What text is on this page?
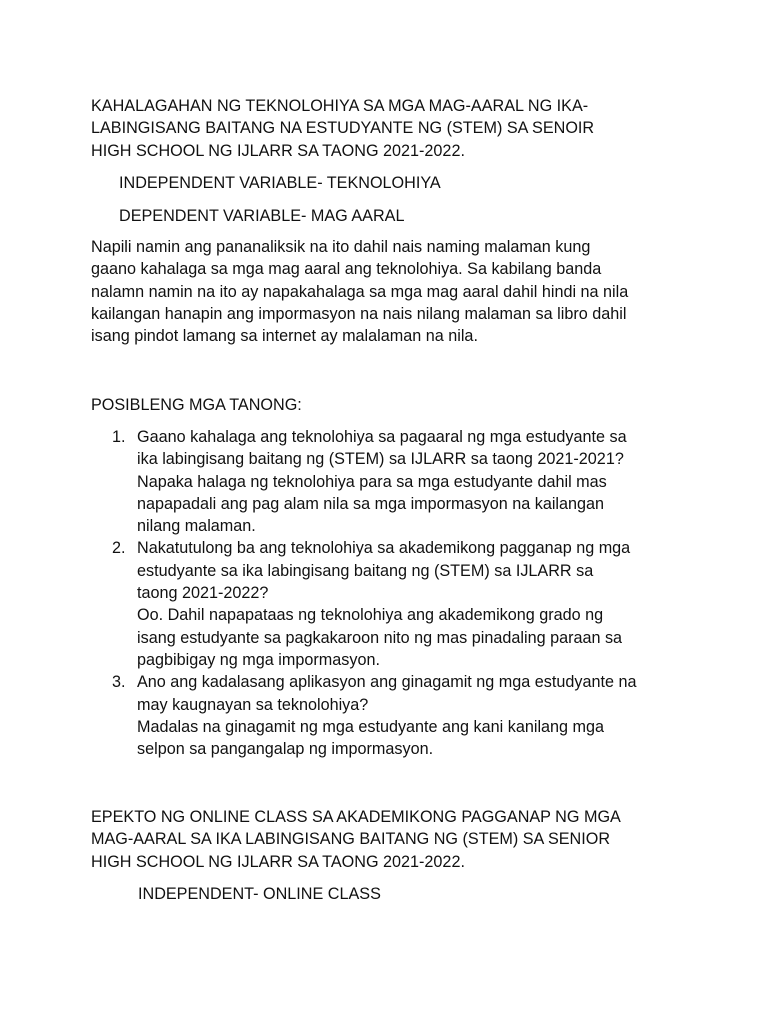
KAHALAGAHAN NG TEKNOLOHIYA SA MGA MAG-AARAL NG IKA-
LABINGISANG BAITANG NA ESTUDYANTE NG (STEM) SA SENOIR
HIGH SCHOOL NG IJLARR SA TAONG 2021-2022.

INDEPENDENT VARIABLE- TEKNOLOHIYA

DEPENDENT VARIABLE- MAG AARAL

Napili namin ang pananaliksik na ito dahil nais naming malaman kung
gaano kahalaga sa mga mag aaral ang teknolohiya. Sa kabilang banda
nalamn namin na ito ay napakahalaga sa mga mag aaral dahil hindi na nila
kailangan hanapin ang impormasyon na nais nilang malaman sa libro dahil
isang pindot lamang sa internet ay malalaman na nila.

POSIBLENG MGA TANONG:

1. Gaano kahalaga ang teknolohiya sa pagaaral ng mga estudyante sa
ika labingisang baitang ng (STEM) sa IJLARR sa taong 2021-2021?
Napaka halaga ng teknolohiya para sa mga estudyante dahil mas
napapadali ang pag alam nila sa mga impormasyon na kailangan
nilang malaman.
2. Nakatutulong ba ang teknolohiya sa akademikong pagganap ng mga
estudyante sa ika labingisang baitang ng (STEM) sa IJLARR sa
taong 2021-2022?
Oo. Dahil napapataas ng teknolohiya ang akademikong grado ng
isang estudyante sa pagkakaroon nito ng mas pinadaling paraan sa
pagbibigay ng mga impormasyon.
3. Ano ang kadalasang aplikasyon ang ginagamit ng mga estudyante na
may kaugnayan sa teknolohiya?
Madalas na ginagamit ng mga estudyante ang kani kanilang mga
selpon sa pangangalap ng impormasyon.

EPEKTO NG ONLINE CLASS SA AKADEMIKONG PAGGANAP NG MGA
MAG-AARAL SA IKA LABINGISANG BAITANG NG (STEM) SA SENIOR
HIGH SCHOOL NG IJLARR SA TAONG 2021-2022.

INDEPENDENT- ONLINE CLASS
